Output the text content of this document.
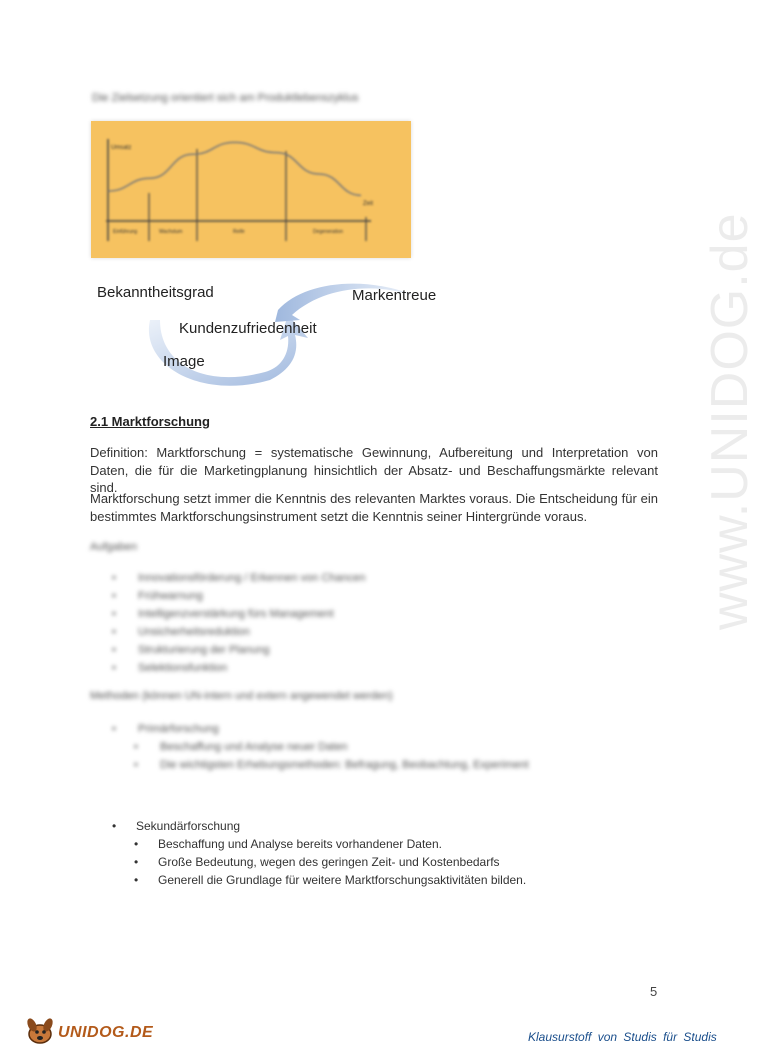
Die Zielsetzung orientiert sich am Produktlebenszyklus
Umsatz
Zeit
Einführung	Wachstum	Reife	Degeneration
Bekanntheitsgrad	Markentreue
Kundenzufriedenheit
Image	www.UNIDOG.de
2.1 Marktforschung
Definition: Marktforschung = systematische Gewinnung, Aufbereitung und Interpretation von Daten, die für die Marketingplanung hinsichtlich der Absatz- und Beschaffungsmärkte relevant sind.
Marktforschung setzt immer die Kenntnis des relevanten Marktes voraus. Die Entscheidung für ein bestimmtes Marktforschungsinstrument setzt die Kenntnis seiner Hintergründe voraus.
Aufgaben
• Innovationsförderung / Erkennen von Chancen
• Frühwarnung
• Intelligenzverstärkung fürs Management
• Unsicherheitsreduktion
• Strukturierung der Planung
• Selektionsfunktion
Methoden (können UN-intern und extern angewendet werden)
• Primärforschung
• Beschaffung und Analyse neuer Daten
• Die wichtigsten Erhebungsmethoden: Befragung, Beobachtung, Experiment
• Sekundärforschung
• Beschaffung und Analyse bereits vorhandener Daten.
• Große Bedeutung, wegen des geringen Zeit- und Kostenbedarfs
• Generell die Grundlage für weitere Marktforschungsaktivitäten bilden.
5
UNIDOG.DE	Klausurstoff von Studis für Studis
